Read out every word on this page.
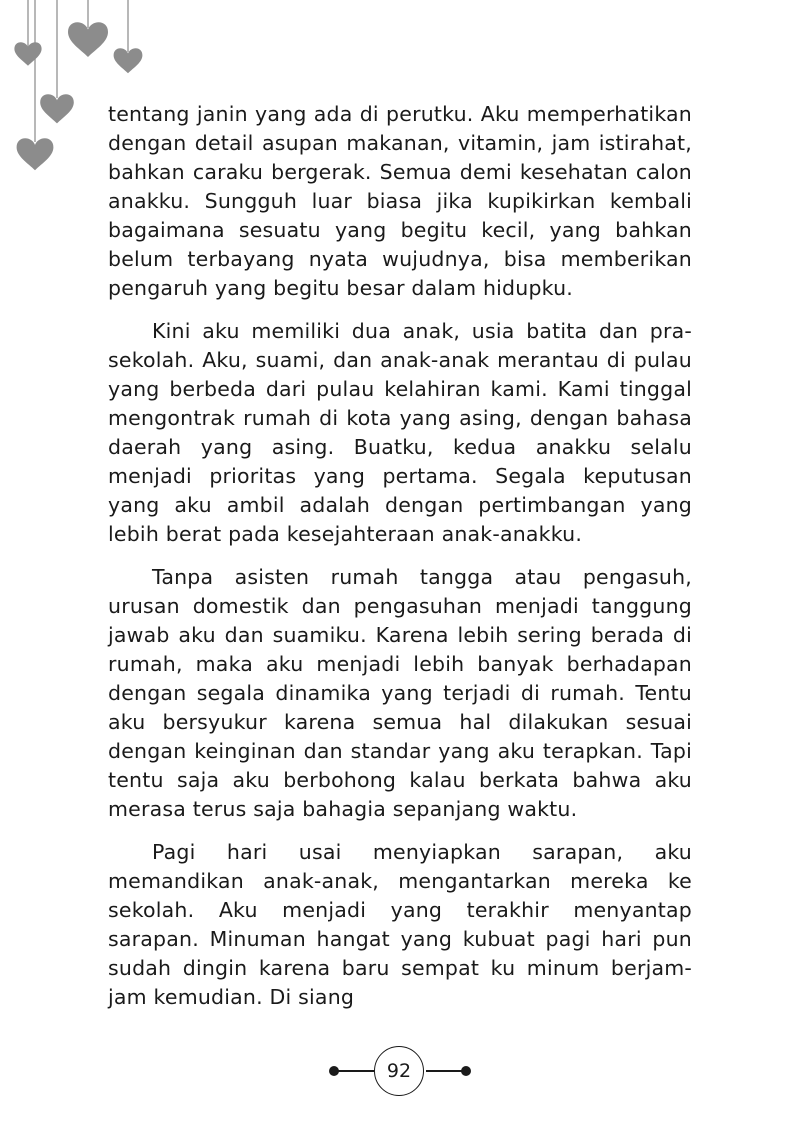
tentang janin yang ada di perutku. Aku memperhatikan dengan detail asupan makanan, vitamin, jam istirahat, bahkan caraku bergerak. Semua demi kesehatan calon anakku. Sungguh luar biasa jika kupikirkan kembali bagaimana sesuatu yang begitu kecil, yang bahkan belum terbayang nyata wujudnya, bisa memberikan pengaruh yang begitu besar dalam hidupku.

Kini aku memiliki dua anak, usia batita dan pra-sekolah. Aku, suami, dan anak-anak merantau di pulau yang berbeda dari pulau kelahiran kami. Kami tinggal mengontrak rumah di kota yang asing, dengan bahasa daerah yang asing. Buatku, kedua anakku selalu menjadi prioritas yang pertama. Segala keputusan yang aku ambil adalah dengan pertimbangan yang lebih berat pada kesejahteraan anak-anakku.

Tanpa asisten rumah tangga atau pengasuh, urusan domestik dan pengasuhan menjadi tanggung jawab aku dan suamiku. Karena lebih sering berada di rumah, maka aku menjadi lebih banyak berhadapan dengan segala dinamika yang terjadi di rumah. Tentu aku bersyukur karena semua hal dilakukan sesuai dengan keinginan dan standar yang aku terapkan. Tapi tentu saja aku berbohong kalau berkata bahwa aku merasa terus saja bahagia sepanjang waktu.

Pagi hari usai menyiapkan sarapan, aku memandikan anak-anak, mengantarkan mereka ke sekolah. Aku menjadi yang terakhir menyantap sarapan. Minuman hangat yang kubuat pagi hari pun sudah dingin karena baru sempat ku minum berjam-jam kemudian. Di siang

92
